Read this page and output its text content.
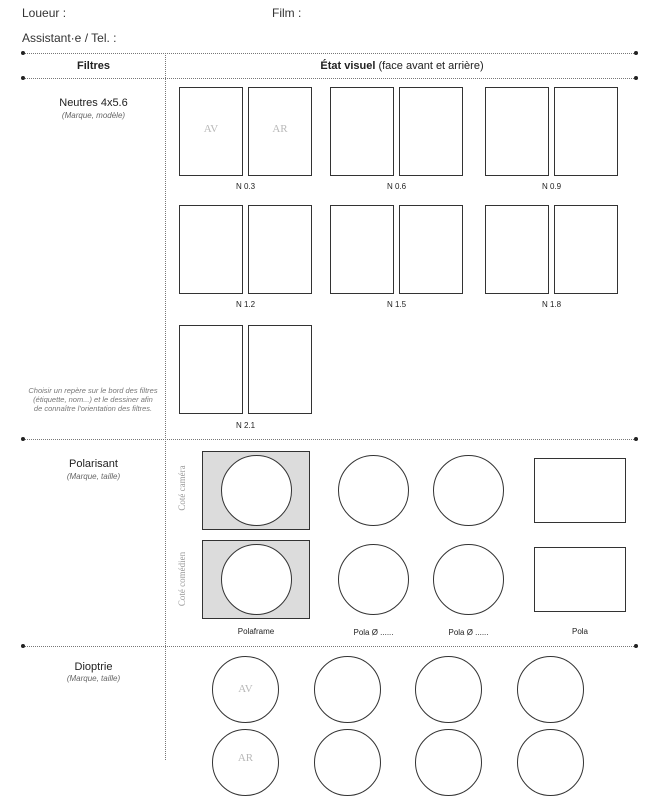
Loueur :	Film :
Assistant·e / Tel. :
Filtres	État visuel (face avant et arrière)
Neutres 4x5.6
(Marque, modèle)
AV	AR
N 0.3	N 0.6	N 0.9
N 1.2	N 1.5	N 1.8
N 2.1
Choisir un repère sur le bord des filtres (étiquette, nom...) et le dessiner afin de connaître l'orientation des filtres.
Polarisant
(Marque, taille)	Coté caméra
Coté comédien
Polaframe	Pola Ø ......	Pola Ø ......	Pola
Dioptrie
(Marque, taille)
AV
AR
